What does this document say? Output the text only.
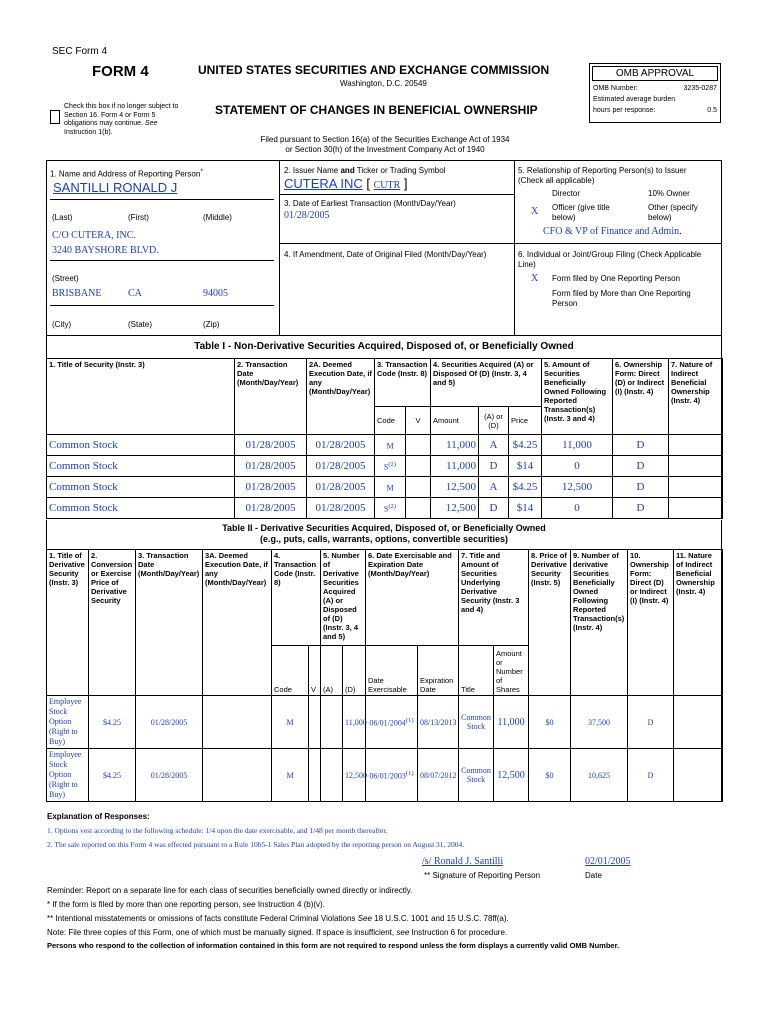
SEC Form 4
FORM 4	UNITED STATES SECURITIES AND EXCHANGE COMMISSION
Washington, D.C. 20549
Check this box if no longer subject to Section 16. Form 4 or Form 5 obligations may continue. See Instruction 1(b).
STATEMENT OF CHANGES IN BENEFICIAL OWNERSHIP
Filed pursuant to Section 16(a) of the Securities Exchange Act of 1934
or Section 30(h) of the Investment Company Act of 1940
OMB APPROVAL
OMB Number:	3235-0287
Estimated average burden	
hours per response:	0.5
1. Name and Address of Reporting Person*
SANTILLI RONALD J
(Last)	(First)	(Middle)
C/O CUTERA, INC.
3240 BAYSHORE BLVD.
(Street)
BRISBANE	CA	94005
(City)	(State)	(Zip)
2. Issuer Name and Ticker or Trading Symbol
CUTERA INC [ CUTR ]
3. Date of Earliest Transaction (Month/Day/Year)
01/28/2005
4. If Amendment, Date of Original Filed (Month/Day/Year)
5. Relationship of Reporting Person(s) to Issuer
(Check all applicable)
Director	10% Owner
X Officer (give title below)
Other (specify below)
CFO & VP of Finance and Admin.
6. Individual or Joint/Group Filing (Check Applicable Line)
X Form filed by One Reporting Person
Form filed by More than One Reporting Person
Table I - Non-Derivative Securities Acquired, Disposed of, or Beneficially Owned
1. Title of Security (Instr. 3)	2. Transaction Date (Month/Day/Year)	2A. Deemed Execution Date, if any (Month/Day/Year)	3. Transaction Code (Instr. 8)		4. Securities Acquired (A) or Disposed Of (D) (Instr. 3, 4 and 5)			5. Amount of Securities Beneficially Owned Following Reported Transaction(s) (Instr. 3 and 4)	6. Ownership Form: Direct (D) or Indirect (I) (Instr. 4)	7. Nature of Indirect Beneficial Ownership (Instr. 4)
			Code	V	Amount	(A) or (D)	Price			
Common Stock	01/28/2005	01/28/2005	M		11,000	A	$4.25	11,000	D	
Common Stock	01/28/2005	01/28/2005	$S^{(2)}$		11,000	D	$14	0	D	
Common Stock	01/28/2005	01/28/2005	M		12,500	A	$4.25	12,500	D	
Common Stock	01/28/2005	01/28/2005	$S^{(2)}$		12,500	D	$14	0	D	
Table II - Derivative Securities Acquired, Disposed of, or Beneficially Owned
(e.g., puts, calls, warrants, options, convertible securities)
1. Title of Derivative Security (Instr. 3)	2. Conversion or Exercise Price of Derivative Security	3. Transaction Date (Month/Day/Year)	3A. Deemed Execution Date, if any (Month/Day/Year)	4. Transaction Code (Instr. 8)		5. Number of Derivative Securities Acquired (A) or Disposed of (D) (Instr. 3, 4 and 5)		6. Date Exercisable and Expiration Date (Month/Day/Year)		7. Title and Amount of Securities Underlying Derivative Security (Instr. 3 and 4)		8. Price of Derivative Security (Instr. 5)	9. Number of derivative Securities Beneficially Owned Following Reported Transaction(s) (Instr. 4)	10. Ownership Form: Direct (D) or Indirect (I) (Instr. 4)	11. Nature of Indirect Beneficial Ownership (Instr. 4)
				Code	V	(A)	(D)	Date Exercisable	Expiration Date	Title	Amount or Number of Shares				
Employee Stock Option (Right to Buy)	$4.25	01/28/2005		M			11,000	06/01/2004$^{(1)}$	08/13/2013	Common Stock	11,000	$0	37,500	D	
Employee Stock Option (Right to Buy)	$4.25	01/28/2005		M			12,500	06/01/2003$^{(1)}$	08/07/2012	Common Stock	12,500	$0	10,625	D	
Explanation of Responses:
1. Options vest according to the following schedule: 1/4 upon the date exercisable, and 1/48 per month thereafter.
2. The sale reported on this Form 4 was effected pursuant to a Rule 10b5-1 Sales Plan adopted by the reporting person on August 31, 2004.
/s/ Ronald J. Santilli	02/01/2005
** Signature of Reporting Person	Date
Reminder: Report on a separate line for each class of securities beneficially owned directly or indirectly.
* If the form is filed by more than one reporting person, see Instruction 4 (b)(v).
** Intentional misstatements or omissions of facts constitute Federal Criminal Violations See 18 U.S.C. 1001 and 15 U.S.C. 78ff(a).
Note: File three copies of this Form, one of which must be manually signed. If space is insufficient, see Instruction 6 for procedure.
Persons who respond to the collection of information contained in this form are not required to respond unless the form displays a currently valid OMB Number.
